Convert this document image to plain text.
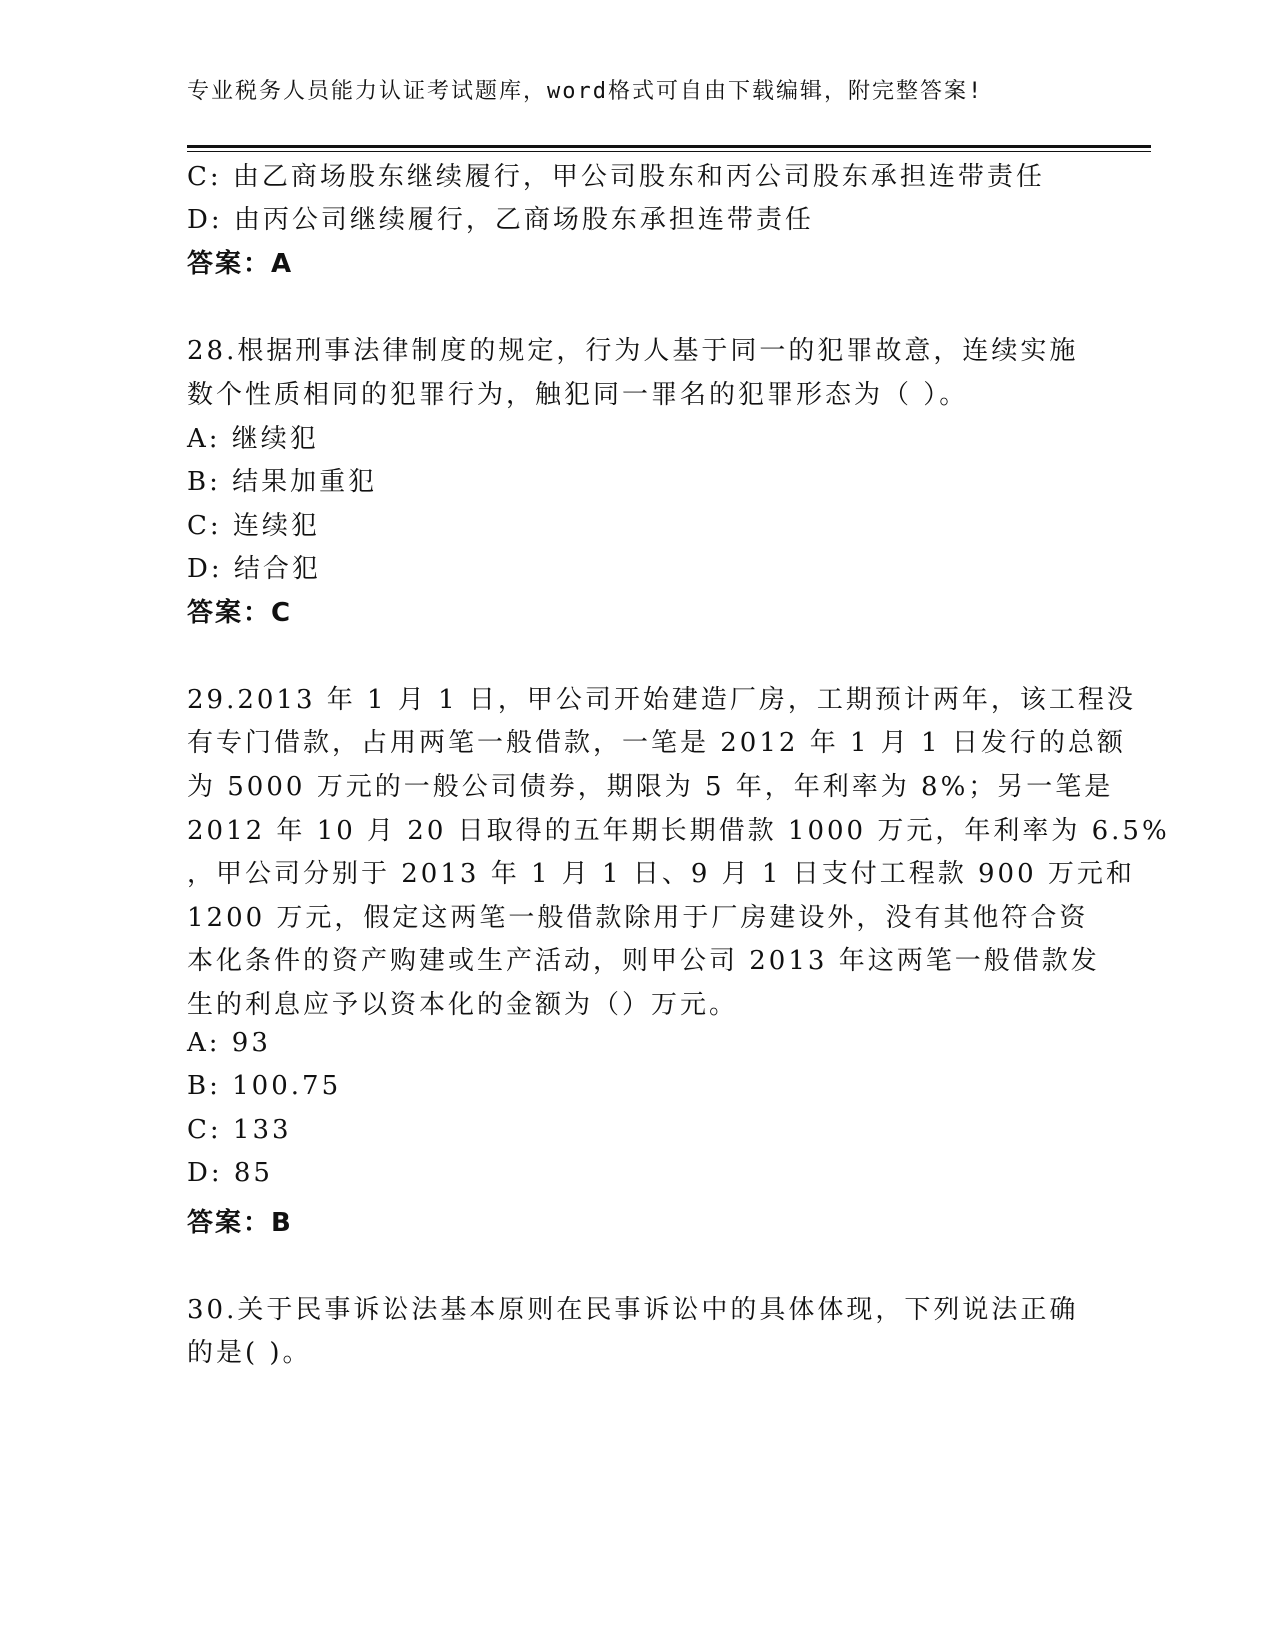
专业税务人员能力认证考试题库，word格式可自由下载编辑，附完整答案!
C: 由乙商场股东继续履行，甲公司股东和丙公司股东承担连带责任
D: 由丙公司继续履行，乙商场股东承担连带责任
答案：A
28.根据刑事法律制度的规定，行为人基于同一的犯罪故意，连续实施
数个性质相同的犯罪行为，触犯同一罪名的犯罪形态为（ ）。
A: 继续犯
B: 结果加重犯
C: 连续犯
D: 结合犯
答案：C
29.2013 年 1 月 1 日，甲公司开始建造厂房，工期预计两年，该工程没
有专门借款，占用两笔一般借款，一笔是 2012 年 1 月 1 日发行的总额
为 5000 万元的一般公司债券，期限为 5 年，年利率为 8%；另一笔是
2012 年 10 月 20 日取得的五年期长期借款 1000 万元，年利率为 6.5%
，甲公司分别于 2013 年 1 月 1 日、9 月 1 日支付工程款 900 万元和
1200 万元，假定这两笔一般借款除用于厂房建设外，没有其他符合资
本化条件的资产购建或生产活动，则甲公司 2013 年这两笔一般借款发
生的利息应予以资本化的金额为（）万元。
A: 93
B: 100.75
C: 133
D: 85
答案：B
30.关于民事诉讼法基本原则在民事诉讼中的具体体现，下列说法正确
的是( )。
